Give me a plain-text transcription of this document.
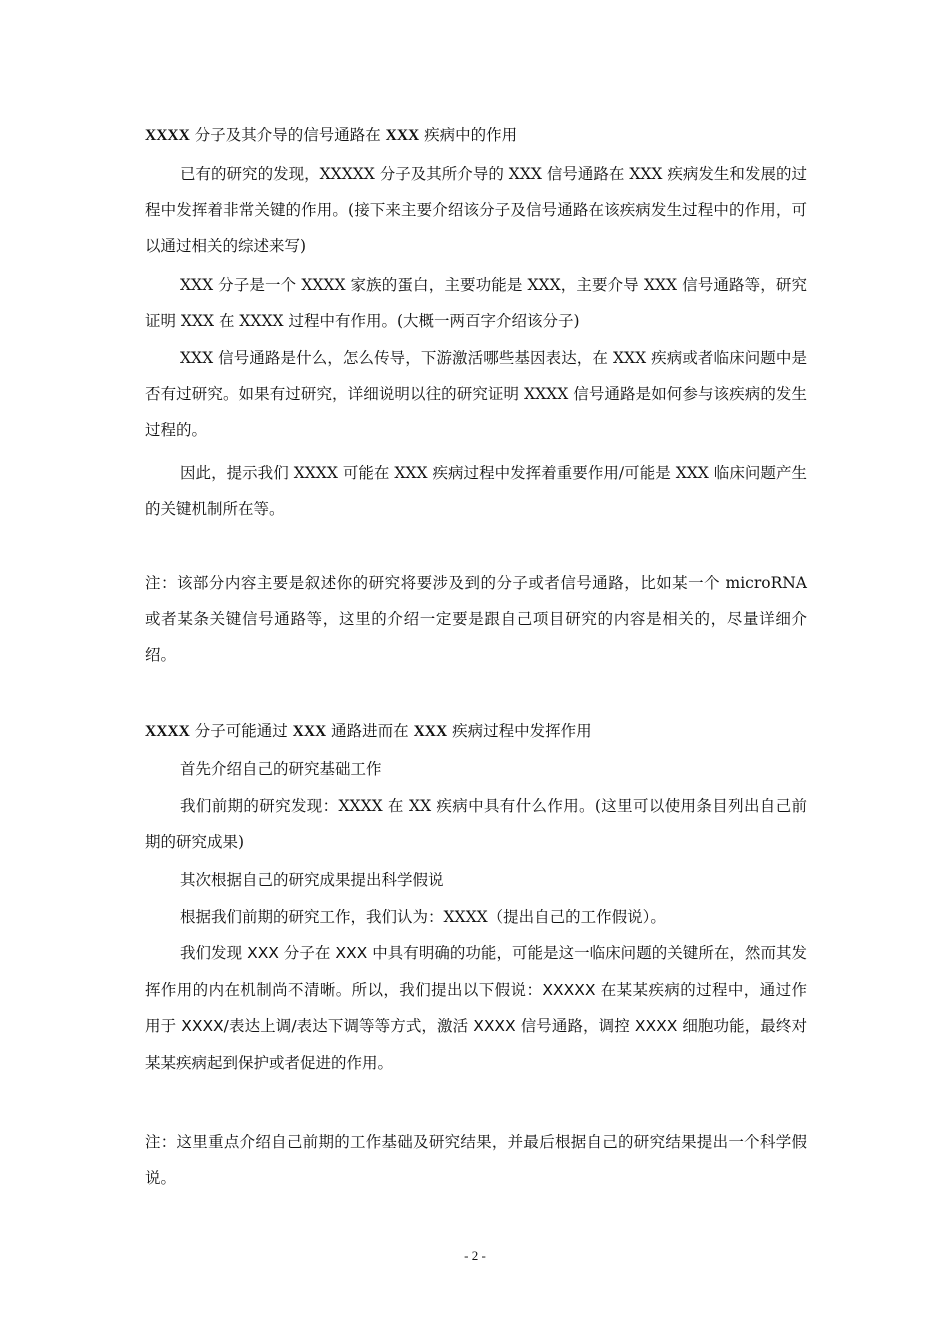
XXXX 分子及其介导的信号通路在 XXX 疾病中的作用
已有的研究的发现，XXXXX 分子及其所介导的 XXX 信号通路在 XXX 疾病发生和发展的过程中发挥着非常关键的作用。(接下来主要介绍该分子及信号通路在该疾病发生过程中的作用，可以通过相关的综述来写)
XXX 分子是一个 XXXX 家族的蛋白，主要功能是 XXX，主要介导 XXX 信号通路等，研究证明 XXX 在 XXXX 过程中有作用。(大概一两百字介绍该分子)
XXX 信号通路是什么，怎么传导，下游激活哪些基因表达，在 XXX 疾病或者临床问题中是否有过研究。如果有过研究，详细说明以往的研究证明 XXXX 信号通路是如何参与该疾病的发生过程的。
因此，提示我们 XXXX 可能在 XXX 疾病过程中发挥着重要作用/可能是 XXX 临床问题产生的关键机制所在等。
注：该部分内容主要是叙述你的研究将要涉及到的分子或者信号通路，比如某一个 microRNA 或者某条关键信号通路等，这里的介绍一定要是跟自己项目研究的内容是相关的，尽量详细介绍。
XXXX 分子可能通过 XXX 通路进而在 XXX 疾病过程中发挥作用
首先介绍自己的研究基础工作
我们前期的研究发现：XXXX 在 XX 疾病中具有什么作用。(这里可以使用条目列出自己前期的研究成果)
其次根据自己的研究成果提出科学假说
根据我们前期的研究工作，我们认为：XXXX（提出自己的工作假说）。
我们发现 XXX 分子在 XXX 中具有明确的功能，可能是这一临床问题的关键所在，然而其发挥作用的内在机制尚不清晰。所以，我们提出以下假说：XXXXX 在某某疾病的过程中，通过作用于 XXXX/表达上调/表达下调等等方式，激活 XXXX 信号通路，调控 XXXX 细胞功能，最终对某某疾病起到保护或者促进的作用。
注：这里重点介绍自己前期的工作基础及研究结果，并最后根据自己的研究结果提出一个科学假说。
- 2 -
